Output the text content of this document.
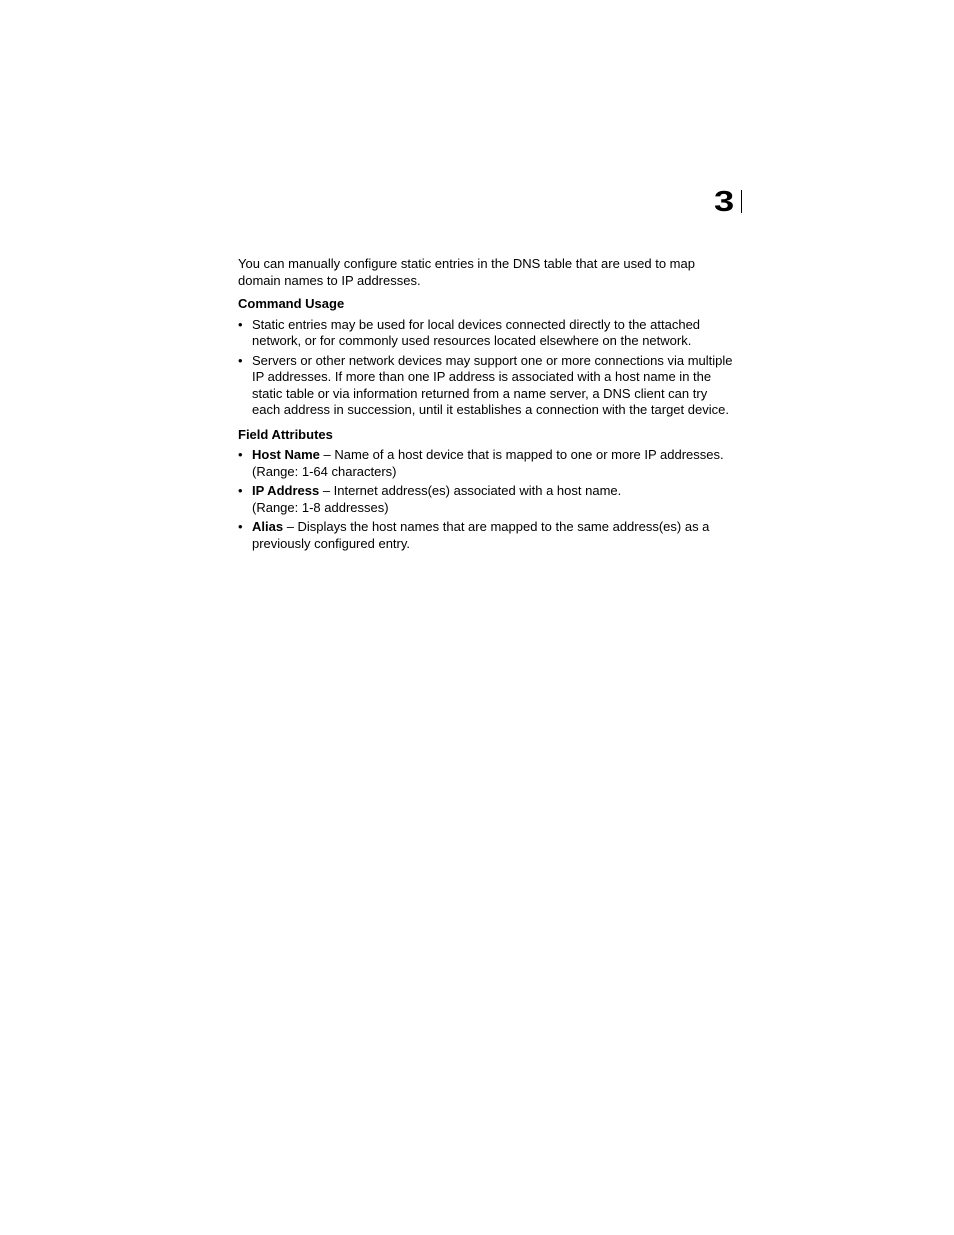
3

You can manually configure static entries in the DNS table that are used to map domain names to IP addresses.

Command Usage

• Static entries may be used for local devices connected directly to the attached network, or for commonly used resources located elsewhere on the network.
• Servers or other network devices may support one or more connections via multiple IP addresses. If more than one IP address is associated with a host name in the static table or via information returned from a name server, a DNS client can try each address in succession, until it establishes a connection with the target device.

Field Attributes

• Host Name – Name of a host device that is mapped to one or more IP addresses.
(Range: 1-64 characters)
• IP Address – Internet address(es) associated with a host name.
(Range: 1-8 addresses)
• Alias – Displays the host names that are mapped to the same address(es) as a previously configured entry.
